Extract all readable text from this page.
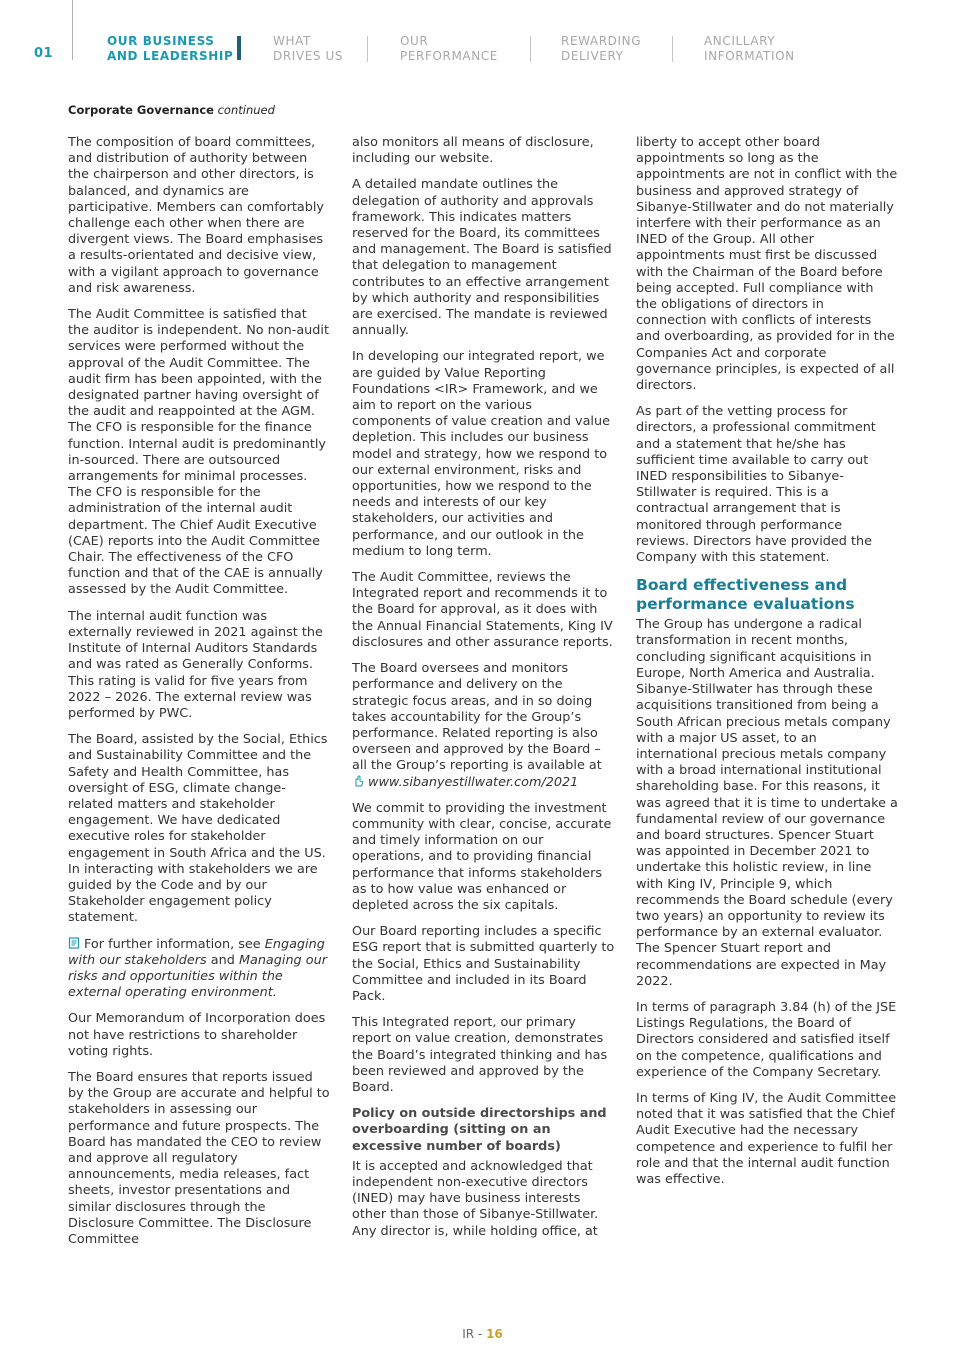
01
OUR BUSINESS
AND LEADERSHIP
WHAT
DRIVES US
OUR
PERFORMANCE
REWARDING
DELIVERY
ANCILLARY
INFORMATION
Corporate Governance continued

The composition of board committees, and distribution of authority between the chairperson and other directors, is balanced, and dynamics are participative. Members can comfortably challenge each other when there are divergent views. The Board emphasises a results-orientated and decisive view, with a vigilant approach to governance and risk awareness.

The Audit Committee is satisfied that the auditor is independent. No non-audit services were performed without the approval of the Audit Committee. The audit firm has been appointed, with the designated partner having oversight of the audit and reappointed at the AGM. The CFO is responsible for the finance function. Internal audit is predominantly in-sourced. There are outsourced arrangements for minimal processes. The CFO is responsible for the administration of the internal audit department. The Chief Audit Executive (CAE) reports into the Audit Committee Chair. The effectiveness of the CFO function and that of the CAE is annually assessed by the Audit Committee.

The internal audit function was externally reviewed in 2021 against the Institute of Internal Auditors Standards and was rated as Generally Conforms. This rating is valid for five years from 2022 – 2026. The external review was performed by PWC.

The Board, assisted by the Social, Ethics and Sustainability Committee and the Safety and Health Committee, has oversight of ESG, climate change-related matters and stakeholder engagement. We have dedicated executive roles for stakeholder engagement in South Africa and the US. In interacting with stakeholders we are guided by the Code and by our Stakeholder engagement policy statement.

For further information, see Engaging with our stakeholders and Managing our risks and opportunities within the external operating environment.

Our Memorandum of Incorporation does not have restrictions to shareholder voting rights.

The Board ensures that reports issued by the Group are accurate and helpful to stakeholders in assessing our performance and future prospects. The Board has mandated the CEO to review and approve all regulatory announcements, media releases, fact sheets, investor presentations and similar disclosures through the Disclosure Committee. The Disclosure Committee

also monitors all means of disclosure, including our website.

A detailed mandate outlines the delegation of authority and approvals framework. This indicates matters reserved for the Board, its committees and management. The Board is satisfied that delegation to management contributes to an effective arrangement by which authority and responsibilities are exercised. The mandate is reviewed annually.

In developing our integrated report, we are guided by Value Reporting Foundations <IR> Framework, and we aim to report on the various components of value creation and value depletion. This includes our business model and strategy, how we respond to our external environment, risks and opportunities, how we respond to the needs and interests of our key stakeholders, our activities and performance, and our outlook in the medium to long term.

The Audit Committee, reviews the Integrated report and recommends it to the Board for approval, as it does with the Annual Financial Statements, King IV disclosures and other assurance reports.

The Board oversees and monitors performance and delivery on the strategic focus areas, and in so doing takes accountability for the Group’s performance. Related reporting is also overseen and approved by the Board – all the Group’s reporting is available at
www.sibanyestillwater.com/2021

We commit to providing the investment community with clear, concise, accurate and timely information on our operations, and to providing financial performance that informs stakeholders as to how value was enhanced or depleted across the six capitals.

Our Board reporting includes a specific ESG report that is submitted quarterly to the Social, Ethics and Sustainability Committee and included in its Board Pack.

This Integrated report, our primary report on value creation, demonstrates the Board’s integrated thinking and has been reviewed and approved by the Board.

Policy on outside directorships and overboarding (sitting on an excessive number of boards)

It is accepted and acknowledged that independent non-executive directors (INED) may have business interests other than those of Sibanye-Stillwater. Any director is, while holding office, at

liberty to accept other board appointments so long as the appointments are not in conflict with the business and approved strategy of Sibanye-Stillwater and do not materially interfere with their performance as an INED of the Group. All other appointments must first be discussed with the Chairman of the Board before being accepted. Full compliance with the obligations of directors in connection with conflicts of interests and overboarding, as provided for in the Companies Act and corporate governance principles, is expected of all directors.

As part of the vetting process for directors, a professional commitment and a statement that he/she has sufficient time available to carry out INED responsibilities to Sibanye-Stillwater is required. This is a contractual arrangement that is monitored through performance reviews. Directors have provided the Company with this statement.

Board effectiveness and performance evaluations

The Group has undergone a radical transformation in recent months, concluding significant acquisitions in Europe, North America and Australia. Sibanye-Stillwater has through these acquisitions transitioned from being a South African precious metals company with a major US asset, to an international precious metals company with a broad international institutional shareholding base. For this reasons, it was agreed that it is time to undertake a fundamental review of our governance and board structures. Spencer Stuart was appointed in December 2021 to undertake this holistic review, in line with King IV, Principle 9, which recommends the Board schedule (every two years) an opportunity to review its performance by an external evaluator. The Spencer Stuart report and recommendations are expected in May 2022.

In terms of paragraph 3.84 (h) of the JSE Listings Regulations, the Board of Directors considered and satisfied itself on the competence, qualifications and experience of the Company Secretary.

In terms of King IV, the Audit Committee noted that it was satisfied that the Chief Audit Executive had the necessary competence and experience to fulfil her role and that the internal audit function was effective.

IR - 16
